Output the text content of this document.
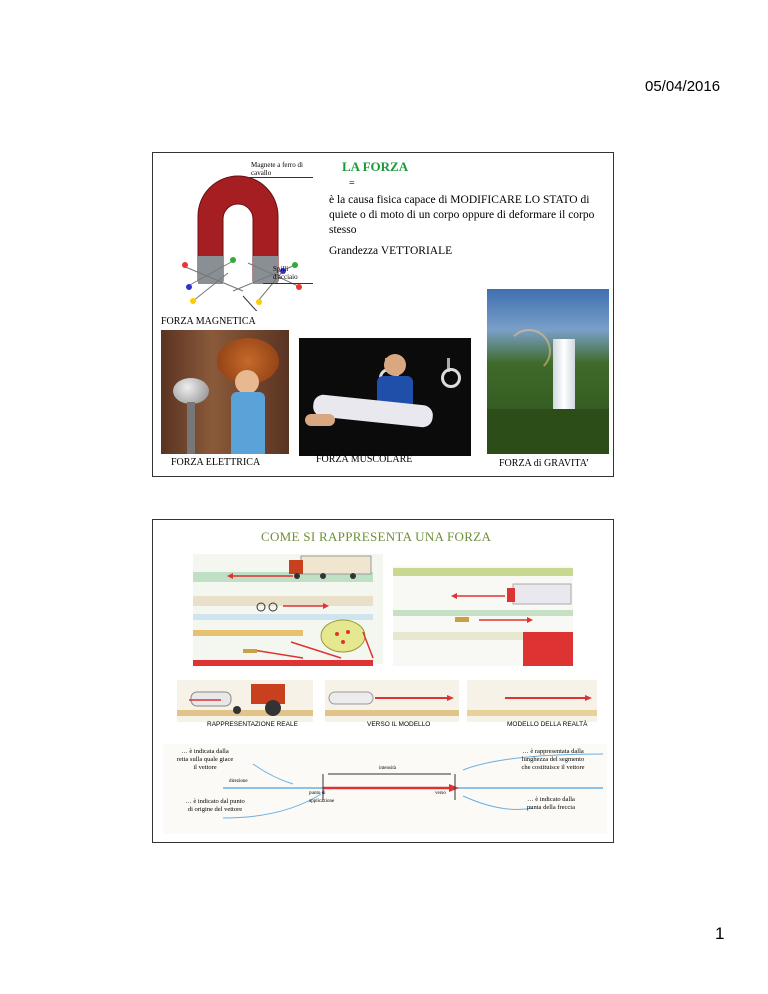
05/04/2016
Magnete a ferro di cavallo
Spilli d'acciaio
LA FORZA
=
è la causa fisica capace di MODIFICARE LO STATO di quiete o di moto di un corpo oppure di deformare il corpo stesso
Grandezza VETTORIALE
FORZA MAGNETICA
FORZA ELETTRICA	FORZA MUSCOLARE	FORZA di GRAVITA’
COME SI RAPPRESENTA UNA FORZA
RAPPRESENTAZIONE REALE	VERSO IL MODELLO	MODELLO DELLA REALTÀ
… è indicata dalla retta sulla quale giace il vettore
direzione
… è indicato dal punto di origine del vettore
punto di applicazione
intensità
verso
… è rappresentata dalla lunghezza del segmento che costituisce il vettore
… è indicato dalla punta della freccia
1
